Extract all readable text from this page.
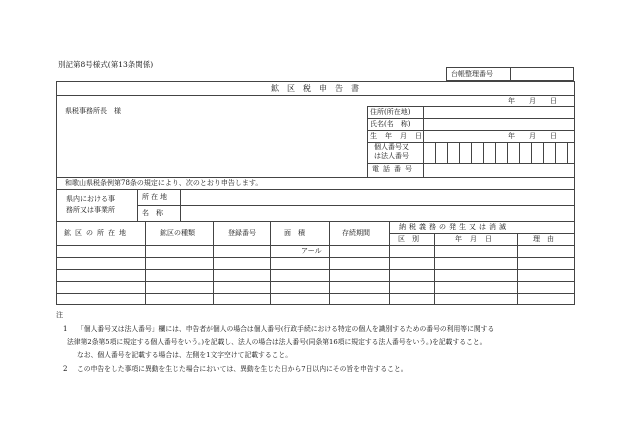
別記第8号様式(第13条関係)
台帳整理番号
鉱区税申告書
年　　月　　日
県税事務所長　様	住所(所在地)
氏名(名　称)
生年月日	年　　月　　日
個人番号又
は法人番号
電話番号
和歌山県税条例第78条の規定により、次のとおり申告します。
県内における事
務所又は事業所
所在地
名　称
鉱区の所在地	鉱区の種類	登録番号	面　積	存続期間
納税義務の発生又は消滅
区　別	年月日	理　由
アール
注
1 「個人番号又は法人番号」欄には、申告者が個人の場合は個人番号(行政手続における特定の個人を識別するための番号の利用等に関する
法律第2条第5項に規定する個人番号をいう。)を記載し、法人の場合は法人番号(同条第16項に規定する法人番号をいう。)を記載すること。
なお、個人番号を記載する場合は、左側を1文字空けて記載すること。
2 この申告をした事項に異動を生じた場合においては、異動を生じた日から7日以内にその旨を申告すること。
